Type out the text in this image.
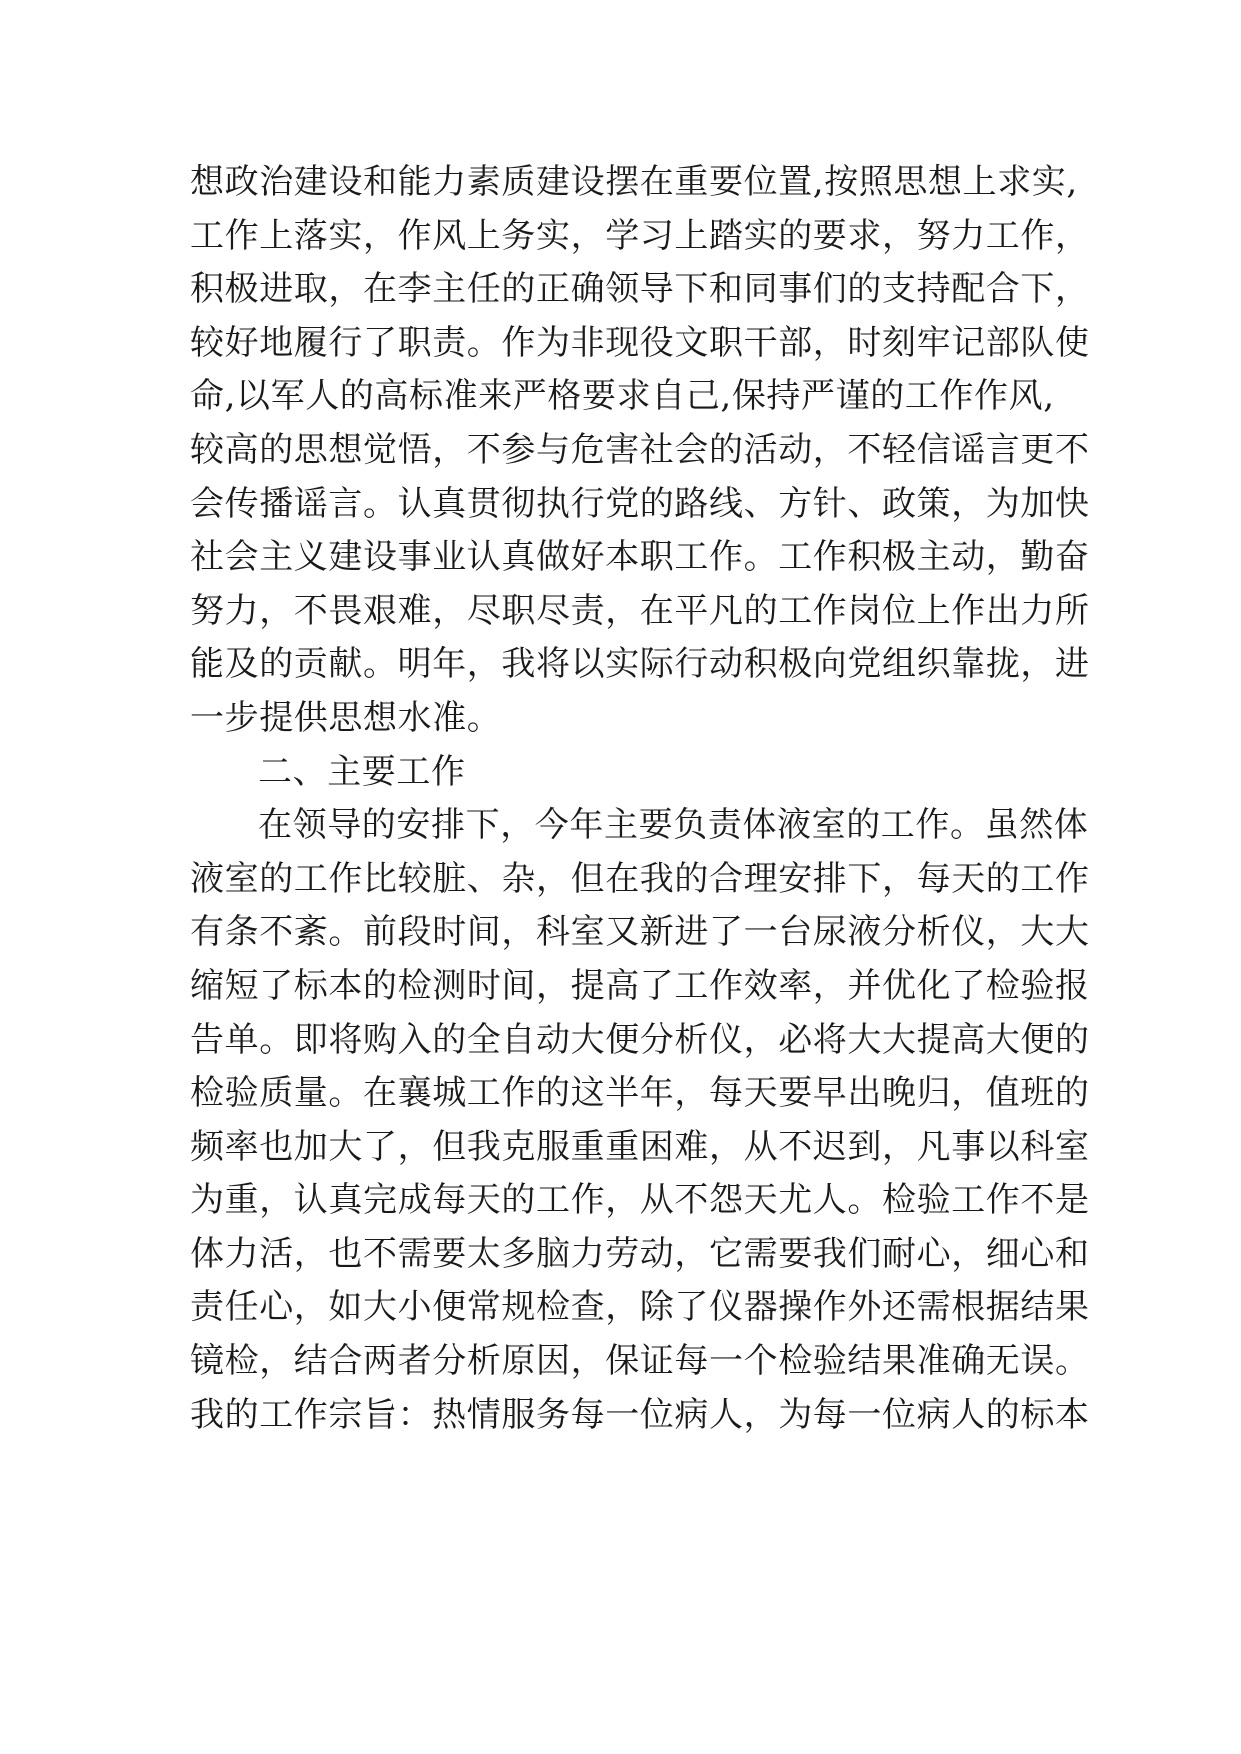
想政治建设和能力素质建设摆在重要位置,按照思想上求实,
工作上落实，作风上务实，学习上踏实的要求，努力工作，
积极进取，在李主任的正确领导下和同事们的支持配合下，
较好地履行了职责。作为非现役文职干部，时刻牢记部队使
命,以军人的高标准来严格要求自己,保持严谨的工作作风,
较高的思想觉悟，不参与危害社会的活动，不轻信谣言更不
会传播谣言。认真贯彻执行党的路线、方针、政策，为加快
社会主义建设事业认真做好本职工作。工作积极主动，勤奋
努力，不畏艰难，尽职尽责，在平凡的工作岗位上作出力所
能及的贡献。明年，我将以实际行动积极向党组织靠拢，进
一步提供思想水准。
二、主要工作
在领导的安排下，今年主要负责体液室的工作。虽然体
液室的工作比较脏、杂，但在我的合理安排下，每天的工作
有条不紊。前段时间，科室又新进了一台尿液分析仪，大大
缩短了标本的检测时间，提高了工作效率，并优化了检验报
告单。即将购入的全自动大便分析仪，必将大大提高大便的
检验质量。在襄城工作的这半年，每天要早出晚归，值班的
频率也加大了，但我克服重重困难，从不迟到，凡事以科室
为重，认真完成每天的工作，从不怨天尤人。检验工作不是
体力活，也不需要太多脑力劳动，它需要我们耐心，细心和
责任心，如大小便常规检查，除了仪器操作外还需根据结果
镜检，结合两者分析原因，保证每一个检验结果准确无误。
我的工作宗旨：热情服务每一位病人，为每一位病人的标本
